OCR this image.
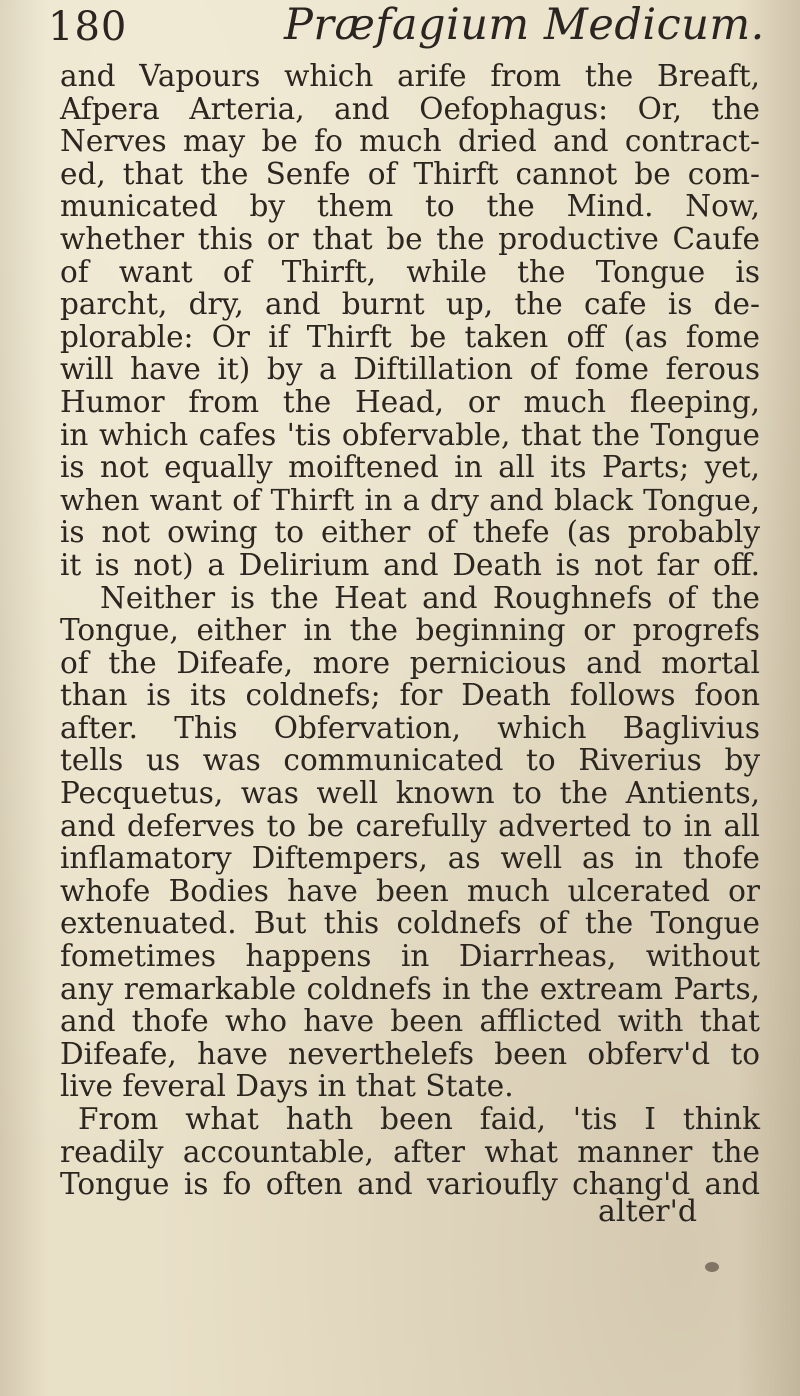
180	Præfagium Medicum.
and Vapours which arife from the Breaft,
Afpera Arteria, and Oefophagus: Or, the
Nerves may be fo much dried and contract-
ed, that the Senfe of Thirft cannot be com-
municated by them to the Mind. Now,
whether this or that be the productive Caufe
of want of Thirft, while the Tongue is
parcht, dry, and burnt up, the cafe is de-
plorable: Or if Thirft be taken off (as fome
will have it) by a Diftillation of fome ferous
Humor from the Head, or much fleeping,
in which cafes 'tis obfervable, that the Tongue
is not equally moiftened in all its Parts; yet,
when want of Thirft in a dry and black Tongue,
is not owing to either of thefe (as probably
it is not) a Delirium and Death is not far off.
Neither is the Heat and Roughnefs of the
Tongue, either in the beginning or progrefs
of the Difeafe, more pernicious and mortal
than is its coldnefs; for Death follows foon
after. This Obfervation, which Baglivius
tells us was communicated to Riverius by
Pecquetus, was well known to the Antients,
and deferves to be carefully adverted to in all
inflamatory Diftempers, as well as in thofe
whofe Bodies have been much ulcerated or
extenuated. But this coldnefs of the Tongue
fometimes happens in Diarrheas, without
any remarkable coldnefs in the extream Parts,
and thofe who have been afflicted with that
Difeafe, have neverthelefs been obferv'd to
live feveral Days in that State.
From what hath been faid, 'tis I think
readily accountable, after what manner the
Tongue is fo often and varioufly chang'd and
alter'd
